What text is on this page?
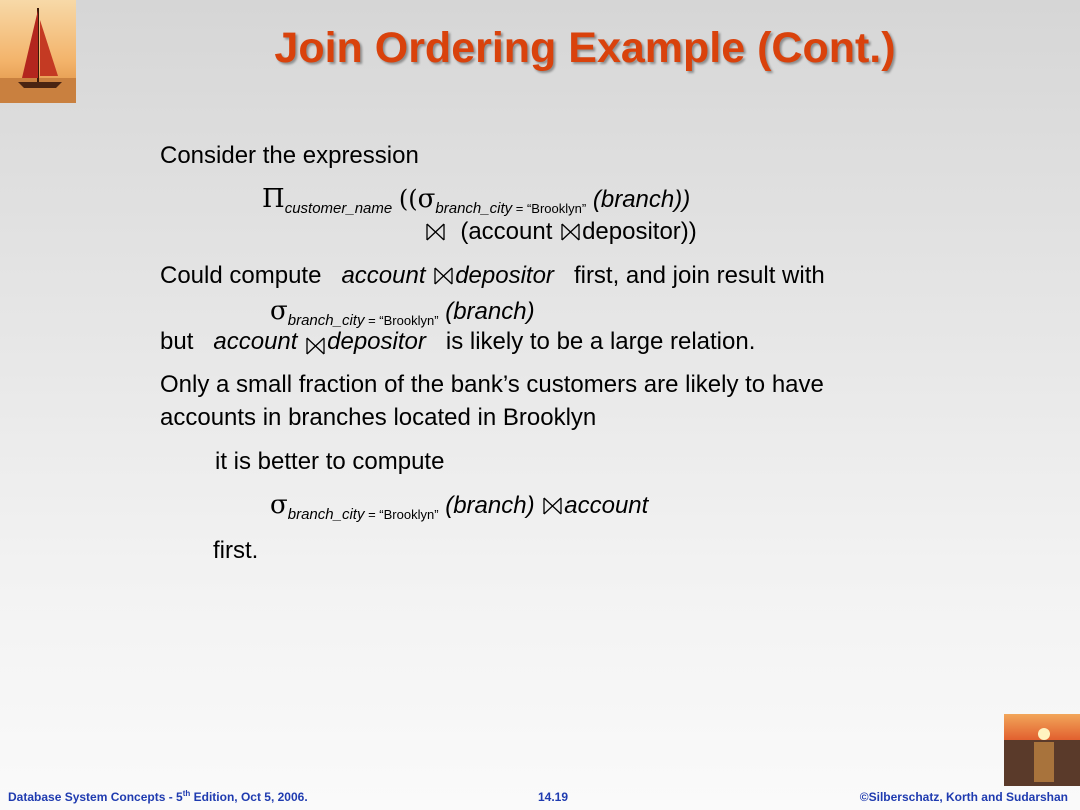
Join Ordering Example (Cont.)
Consider the expression
$\Pi_{customer\_name}$ (($\sigma_{branch\_city}$ $_{= “Brooklyn”}$ (branch))
(account depositor))
Could compute account depositor first, and join result with
$\sigma_{branch\_city}$ $_{= “Brooklyn”}$ (branch)
but account depositor is likely to be a large relation.
Only a small fraction of the bank’s customers are likely to have
accounts in branches located in Brooklyn
it is better to compute
$\sigma_{branch\_city}$ $_{= “Brooklyn”}$ (branch) account
first.
Database System Concepts - 5th Edition, Oct 5, 2006.	14.19	©Silberschatz, Korth and Sudarshan
